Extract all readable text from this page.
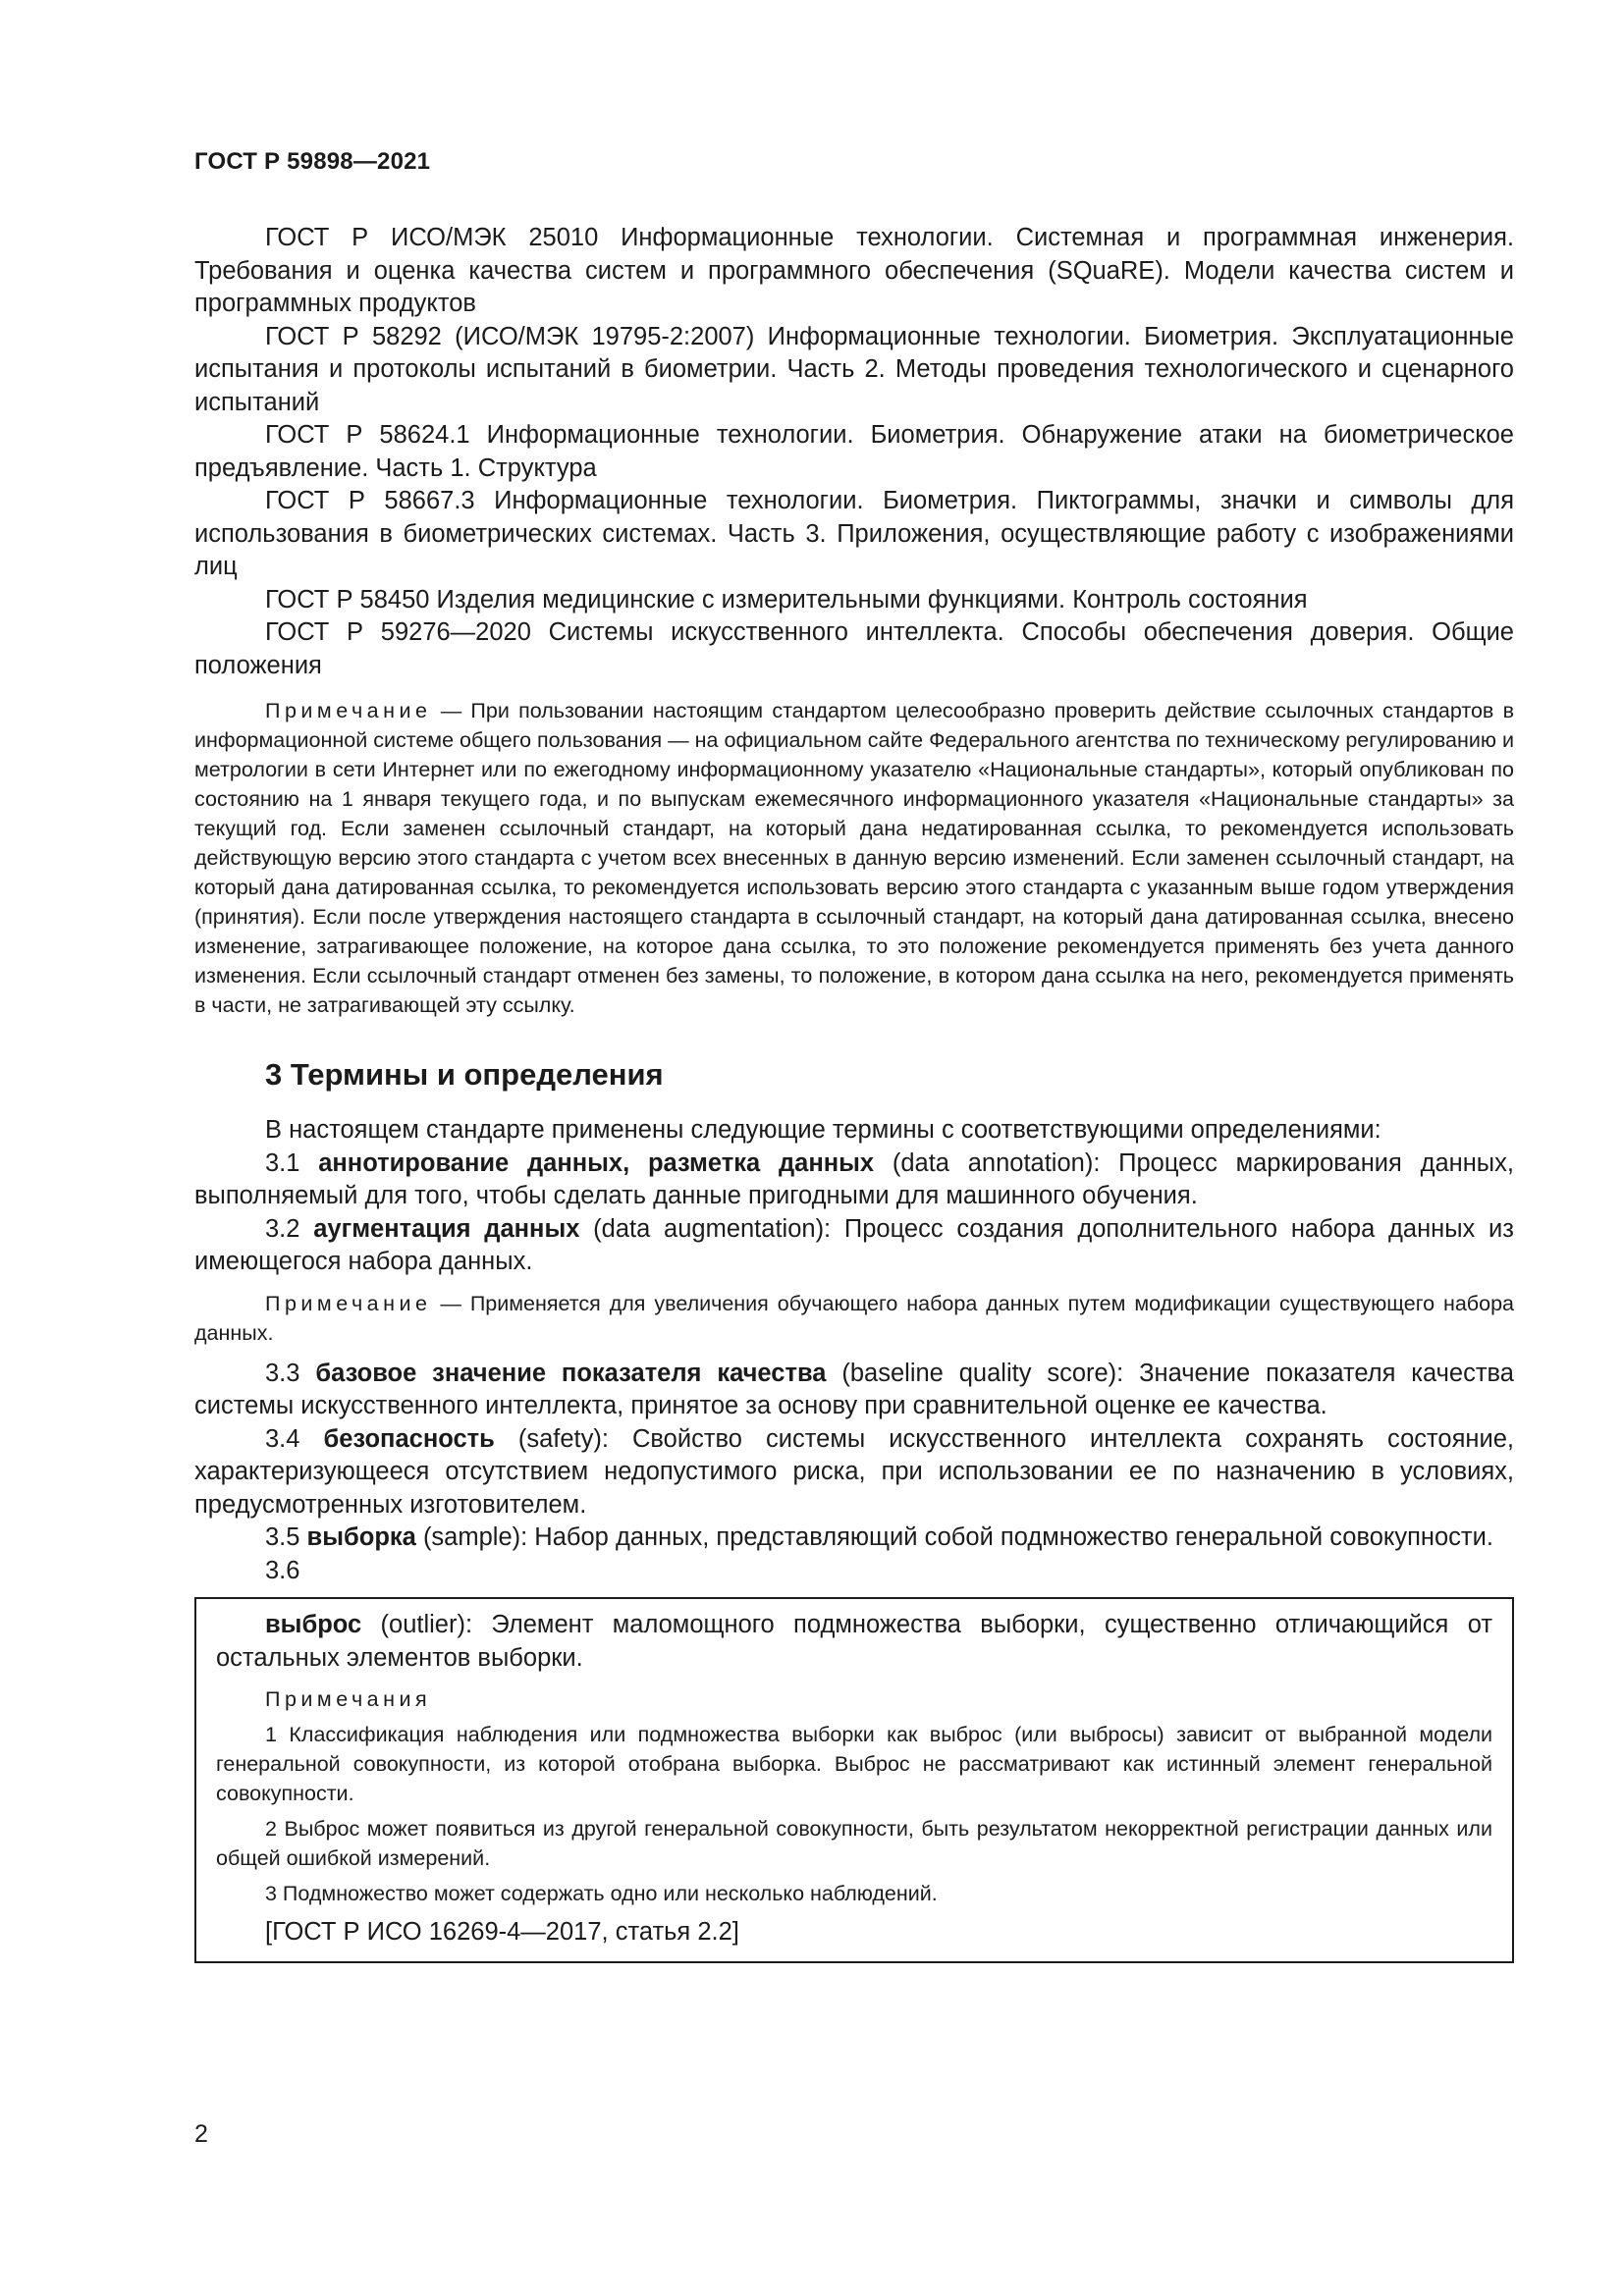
ГОСТ Р 59898—2021

ГОСТ Р ИСО/МЭК 25010 Информационные технологии. Системная и программная инженерия. Требования и оценка качества систем и программного обеспечения (SQuaRE). Модели качества систем и программных продуктов

ГОСТ Р 58292 (ИСО/МЭК 19795-2:2007) Информационные технологии. Биометрия. Эксплуатационные испытания и протоколы испытаний в биометрии. Часть 2. Методы проведения технологического и сценарного испытаний

ГОСТ Р 58624.1 Информационные технологии. Биометрия. Обнаружение атаки на биометрическое предъявление. Часть 1. Структура

ГОСТ Р 58667.3 Информационные технологии. Биометрия. Пиктограммы, значки и символы для использования в биометрических системах. Часть 3. Приложения, осуществляющие работу с изображениями лиц

ГОСТ Р 58450 Изделия медицинские с измерительными функциями. Контроль состояния

ГОСТ Р 59276—2020 Системы искусственного интеллекта. Способы обеспечения доверия. Общие положения

Примечание — При пользовании настоящим стандартом целесообразно проверить действие ссылочных стандартов в информационной системе общего пользования — на официальном сайте Федерального агентства по техническому регулированию и метрологии в сети Интернет или по ежегодному информационному указателю «Национальные стандарты», который опубликован по состоянию на 1 января текущего года, и по выпускам ежемесячного информационного указателя «Национальные стандарты» за текущий год. Если заменен ссылочный стандарт, на который дана недатированная ссылка, то рекомендуется использовать действующую версию этого стандарта с учетом всех внесенных в данную версию изменений. Если заменен ссылочный стандарт, на который дана датированная ссылка, то рекомендуется использовать версию этого стандарта с указанным выше годом утверждения (принятия). Если после утверждения настоящего стандарта в ссылочный стандарт, на который дана датированная ссылка, внесено изменение, затрагивающее положение, на которое дана ссылка, то это положение рекомендуется применять без учета данного изменения. Если ссылочный стандарт отменен без замены, то положение, в котором дана ссылка на него, рекомендуется применять в части, не затрагивающей эту ссылку.

3 Термины и определения

В настоящем стандарте применены следующие термины с соответствующими определениями:

3.1 аннотирование данных, разметка данных (data annotation): Процесс маркирования данных, выполняемый для того, чтобы сделать данные пригодными для машинного обучения.

3.2 аугментация данных (data augmentation): Процесс создания дополнительного набора данных из имеющегося набора данных.

Примечание — Применяется для увеличения обучающего набора данных путем модификации существующего набора данных.

3.3 базовое значение показателя качества (baseline quality score): Значение показателя качества системы искусственного интеллекта, принятое за основу при сравнительной оценке ее качества.

3.4 безопасность (safety): Свойство системы искусственного интеллекта сохранять состояние, характеризующееся отсутствием недопустимого риска, при использовании ее по назначению в условиях, предусмотренных изготовителем.

3.5 выборка (sample): Набор данных, представляющий собой подмножество генеральной совокупности.

3.6

выброс (outlier): Элемент маломощного подмножества выборки, существенно отличающийся от остальных элементов выборки.

Примечания

1 Классификация наблюдения или подмножества выборки как выброс (или выбросы) зависит от выбранной модели генеральной совокупности, из которой отобрана выборка. Выброс не рассматривают как истинный элемент генеральной совокупности.

2 Выброс может появиться из другой генеральной совокупности, быть результатом некорректной регистрации данных или общей ошибкой измерений.

3 Подмножество может содержать одно или несколько наблюдений.

[ГОСТ Р ИСО 16269-4—2017, статья 2.2]

2
